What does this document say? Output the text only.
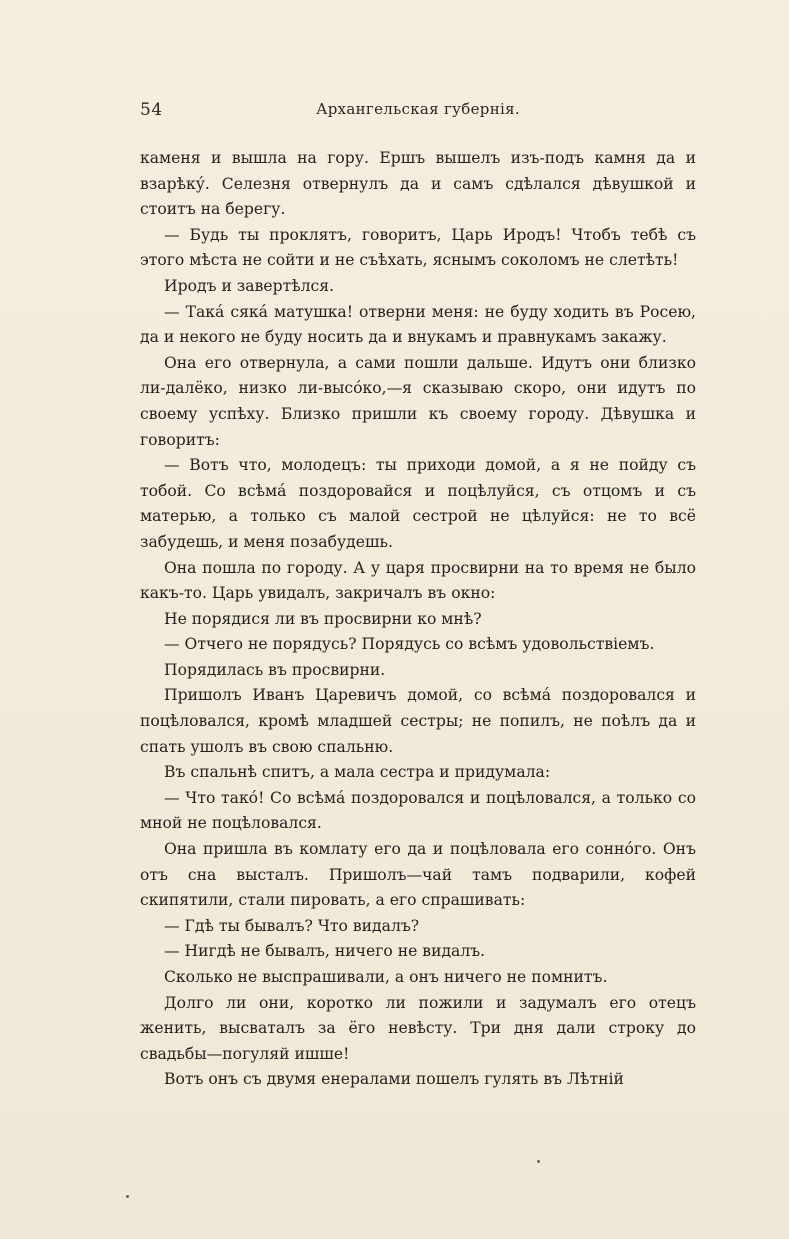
54	Архангельская губернія.

каменя и вышла на гору. Ершъ вышелъ изъ-подъ камня да и взарѣку́. Селезня отвернулъ да и самъ сдѣлался дѣвушкой и стоитъ на берегу.

— Будь ты проклятъ, говоритъ, Царь Иродъ! Чтобъ тебѣ съ этого мѣста не сойти и не съѣхать, яснымъ соколомъ не слетѣть!

Иродъ и завертѣлся.

— Така́ сяка́ матушка! отверни меня: не буду ходить въ Росею, да и некого не буду носить да и внукамъ и правнукамъ закажу.

Она его отвернула, а сами пошли дальше. Идутъ они близко ли-далёко, низко ли-высо́ко,—я сказываю скоро, они идутъ по своему успѣху. Близко пришли къ своему городу. Дѣвушка и говоритъ:

— Вотъ что, молодецъ: ты приходи домой, а я не пойду съ тобой. Со всѣма́ поздоровайся и поцѣлуйся, съ отцомъ и съ матерью, а только съ малой сестрой не цѣлуйся: не то всё забудешь, и меня позабудешь.

Она пошла по городу. А у царя просвирни на то время не было какъ-то. Царь увидалъ, закричалъ въ окно:

Не порядися ли въ просвирни ко мнѣ?

— Отчего не порядусь? Порядусь со всѣмъ удовольствіемъ.

Порядилась въ просвирни.

Пришолъ Иванъ Царевичъ домой, со всѣма́ поздоровался и поцѣловался, кромѣ младшей сестры; не попилъ, не поѣлъ да и спать ушолъ въ свою спальню.

Въ спальнѣ спитъ, а мала сестра и придумала:

— Что такó! Со всѣма́ поздоровался и поцѣловался, а только со мной не поцѣловался.

Она пришла въ комлату его да и поцѣловала его сонно́го. Онъ отъ сна высталъ. Пришолъ—чай тамъ подварили, кофей скипятили, стали пировать, а его спрашивать:

— Гдѣ ты бывалъ? Что видалъ?

— Нигдѣ не бывалъ, ничего не видалъ.

Сколько не выспрашивали, а онъ ничего не помнитъ.

Долго ли они, коротко ли пожили и задумалъ его отецъ женить, высваталъ за ёго невѣсту. Три дня дали строку до свадьбы—погуляй ишше!

Вотъ онъ съ двумя енералами пошелъ гулять въ Лѣтній
